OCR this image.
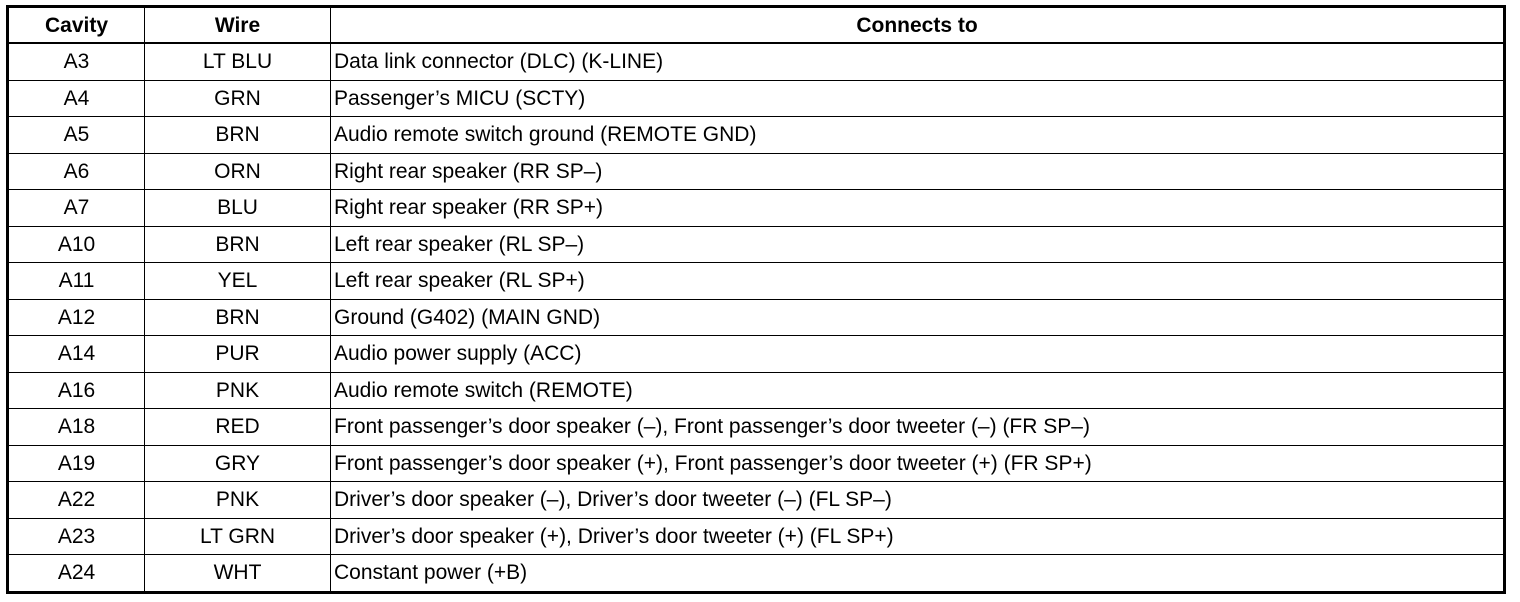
Cavity	Wire	Connects to
A3	LT BLU	Data link connector (DLC) (K-LINE)
A4	GRN	Passenger’s MICU (SCTY)
A5	BRN	Audio remote switch ground (REMOTE GND)
A6	ORN	Right rear speaker (RR SP–)
A7	BLU	Right rear speaker (RR SP+)
A10	BRN	Left rear speaker (RL SP–)
A11	YEL	Left rear speaker (RL SP+)
A12	BRN	Ground (G402) (MAIN GND)
A14	PUR	Audio power supply (ACC)
A16	PNK	Audio remote switch (REMOTE)
A18	RED	Front passenger’s door speaker (–), Front passenger’s door tweeter (–) (FR SP–)
A19	GRY	Front passenger’s door speaker (+), Front passenger’s door tweeter (+) (FR SP+)
A22	PNK	Driver’s door speaker (–), Driver’s door tweeter (–) (FL SP–)
A23	LT GRN	Driver’s door speaker (+), Driver’s door tweeter (+) (FL SP+)
A24	WHT	Constant power (+B)
